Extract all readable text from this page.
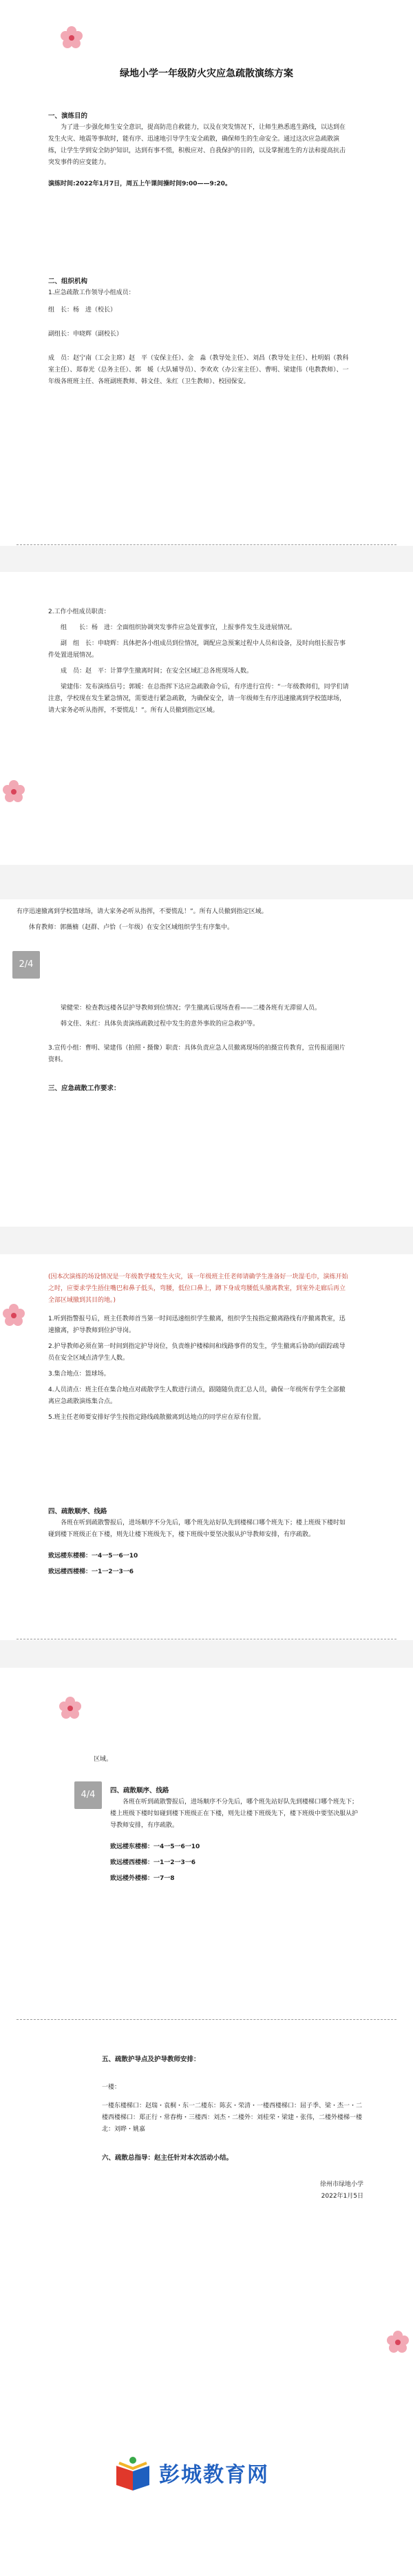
绿地小学一年级防火灾应急疏散演练方案

一、演练目的

为了进一步强化师生安全意识，提高防范自救能力，以及在突发情况下，让师生熟悉逃生路线，以达到在发生火灾、地震等事故时，能有序、迅速地引导学生安全疏散，确保师生的生命安全。通过这次应急疏散演练，让学生学到安全防护知识，达到有事不慌，积极应对、自我保护的目的，以及掌握逃生的方法和提高抗击突发事件的应变能力。

演练时间:2022年1月7日，周五上午课间操时间9:00——9:20。

二、组织机构

1.应急疏散工作领导小组成员：

组　长：杨　进（校长）

副组长：申晓辉（副校长）

成　员：赵宁南（工会主席）赵　平（安保主任）、金　淼（教导处主任）、刘昌（教导处主任）、杜明娟（教科室主任）、郑春光（总务主任）、郭　媛（大队辅导员）、李欢欢（办公室主任）、曹明、梁建伟（电教教师）、一年级各班班主任、各班副班教师、韩文佳、朱红（卫生教师）、校园保安。

2.工作小组成员职责：

组　　长：杨　进：全面组织协调突发事件应急处置事宜，上报事件发生及进展情况。

副　组　长：申晓辉：具体把各小组成员到位情况，调配应急预案过程中人员和设备，及时向组长报告事件处置进展情况。

成　员：赵　平：计算学生撤离时间；在安全区域汇总各班现场人数。

梁建伟：发布演练信号；郭媛：在总指挥下达应急疏散命令后，有序进行宣传：“一年级教师们，同学们请注意，学校现在发生紧急情况，需要进行紧急疏散，为确保安全，请一年级师生有序迅速撤离到学校篮球场，请大家务必听从指挥，不要慌乱！”。所有人员撤到指定区域。

有序迅速撤离到学校篮球场，请大家务必听从指挥，不要慌乱！”。所有人员撤到指定区域。

体育教师：郭薇楠（赵群、卢恰（一年级）在安全区域组织学生有序集中。

2/4

梁健荣：检查教远楼各层护导教师到位情况；学生撤离后现场查看——二楼各班有无滞留人员。

韩文佳、朱红：具体负责演练疏散过程中发生的意外事故的应急救护等。

3.宣传小组：曹明、梁建伟（拍照・摄像）职责：具体负责应急人员撤离现场的拍摄宣传教育，宣传报道图片资料。

三、应急疏散工作要求：

(因本次演练的场设情况是一年级教学楼发生火灾，该一年级班主任老师请确学生准备好一块湿毛巾，演练开始之时，应要求学生捂住嘴巴和鼻子低头，弯腰，低位口鼻上，蹲下身成弯腰低头撤离教室，到室外走廊后再立全部区域撤到其目的地。)

1.听到指警报号后，班主任教师首当第一时间迅速组织学生撤离，组织学生按指定撤离路线有序撤离教室，迅速撤离，护导教师到位护导岗。

2.护导教师必须在第一时间到指定护导岗位，负责维护楼梯间和线路事件的发生，学生撤离后协助向跟踪疏导员在安全区域点清学生人数。

3.集合地点：篮球场。

4.人员清点：班主任在集合地点对疏散学生人数进行清点，跟随随负责汇总人员，确保一年级所有学生全部撤离应急疏散演练集合点。

5.班主任老师要安排好学生按指定路线疏散撤离到达地点的同学应在原有位置。

四、疏散顺序、线路

各班在听到疏散警报后，进场顺序不分先后，哪个班先站好队先到楼梯口哪个班先下；楼上班级下楼时如碰到楼下班级正在下楼，则先让楼下班级先下，楼下班级中要坚决服从护导教师安排，有序疏散。

致远楼东楼梯：一4一5一6一10

致远楼西楼梯：一1一2一3一6

区域。

4/4	四、疏散顺序、线路

各班在听到疏散警报后，进场顺序不分先后，哪个班先站好队先到楼梯口哪个班先下；楼上班级下楼时如碰到楼下班级正在下楼，则先让楼下班级先下，楼下班级中要坚决服从护导教师安排，有序疏散。

致远楼东楼梯：一4一5一6一10

致远楼西楼梯：一1一2一3一6

致远楼外楼梯：一7一8

五、疏散护导点及护导教师安排：

一楼：

一楼东楼梯口：赵瑞・袁桐・东一二楼东：陈玄・荣清・一楼西楼梯口：屈子季、梁・杰一・二楼西楼梯口：郑正行・常春梅・三楼西：刘杰・二楼外：刘桂荣・梁建・张伟，二楼外楼梯一楼北：刘晔・姚嘉

六、疏散总指导：赵主任针对本次活动小结。

徐州市绿地小学

2022年1月5日

彭城教育网
